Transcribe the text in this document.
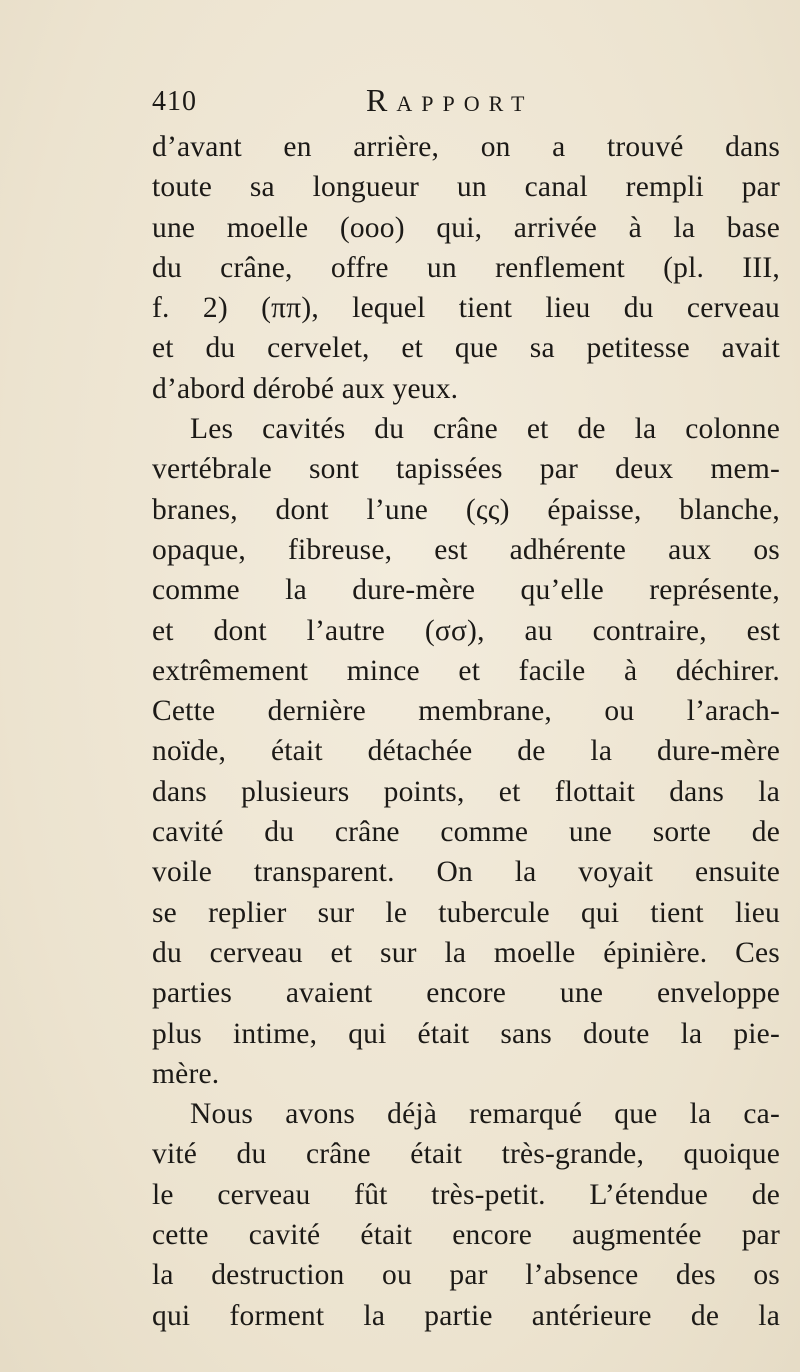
410	Rapport
d’avant en arrière, on a trouvé dans
toute sa longueur un canal rempli par
une moelle (ooo) qui, arrivée à la base
du crâne, offre un renflement (pl. III,
f. 2) (ππ), lequel tient lieu du cerveau
et du cervelet, et que sa petitesse avait
d’abord dérobé aux yeux.
Les cavités du crâne et de la colonne
vertébrale sont tapissées par deux mem-
branes, dont l’une (ςς) épaisse, blanche,
opaque, fibreuse, est adhérente aux os
comme la dure-mère qu’elle représente,
et dont l’autre (σσ), au contraire, est
extrêmement mince et facile à déchirer.
Cette dernière membrane, ou l’arach-
noïde, était détachée de la dure-mère
dans plusieurs points, et flottait dans la
cavité du crâne comme une sorte de
voile transparent. On la voyait ensuite
se replier sur le tubercule qui tient lieu
du cerveau et sur la moelle épinière. Ces
parties avaient encore une enveloppe
plus intime, qui était sans doute la pie-
mère.
Nous avons déjà remarqué que la ca-
vité du crâne était très-grande, quoique
le cerveau fût très-petit. L’étendue de
cette cavité était encore augmentée par
la destruction ou par l’absence des os
qui forment la partie antérieure de la
